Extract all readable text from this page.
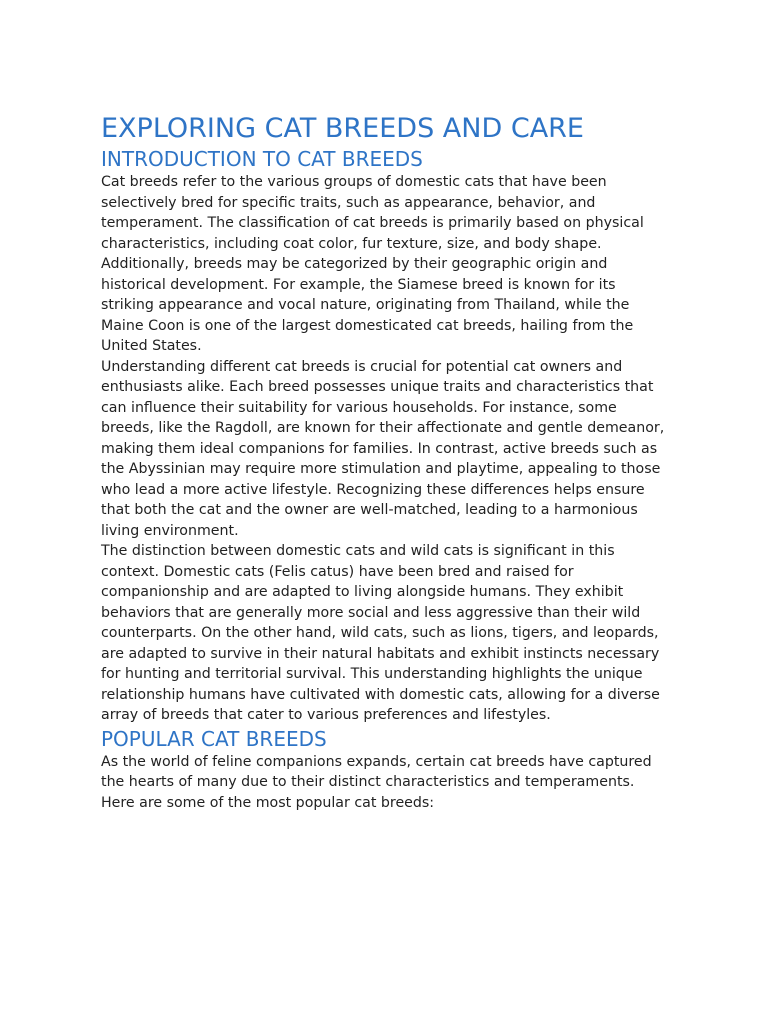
EXPLORING CAT BREEDS AND CARE
INTRODUCTION TO CAT BREEDS

Cat breeds refer to the various groups of domestic cats that have been selectively bred for specific traits, such as appearance, behavior, and temperament. The classification of cat breeds is primarily based on physical characteristics, including coat color, fur texture, size, and body shape. Additionally, breeds may be categorized by their geographic origin and historical development. For example, the Siamese breed is known for its striking appearance and vocal nature, originating from Thailand, while the Maine Coon is one of the largest domesticated cat breeds, hailing from the United States.

Understanding different cat breeds is crucial for potential cat owners and enthusiasts alike. Each breed possesses unique traits and characteristics that can influence their suitability for various households. For instance, some breeds, like the Ragdoll, are known for their affectionate and gentle demeanor, making them ideal companions for families. In contrast, active breeds such as the Abyssinian may require more stimulation and playtime, appealing to those who lead a more active lifestyle. Recognizing these differences helps ensure that both the cat and the owner are well-matched, leading to a harmonious living environment.

The distinction between domestic cats and wild cats is significant in this context. Domestic cats (Felis catus) have been bred and raised for companionship and are adapted to living alongside humans. They exhibit behaviors that are generally more social and less aggressive than their wild counterparts. On the other hand, wild cats, such as lions, tigers, and leopards, are adapted to survive in their natural habitats and exhibit instincts necessary for hunting and territorial survival. This understanding highlights the unique relationship humans have cultivated with domestic cats, allowing for a diverse array of breeds that cater to various preferences and lifestyles.

POPULAR CAT BREEDS

As the world of feline companions expands, certain cat breeds have captured the hearts of many due to their distinct characteristics and temperaments. Here are some of the most popular cat breeds:
